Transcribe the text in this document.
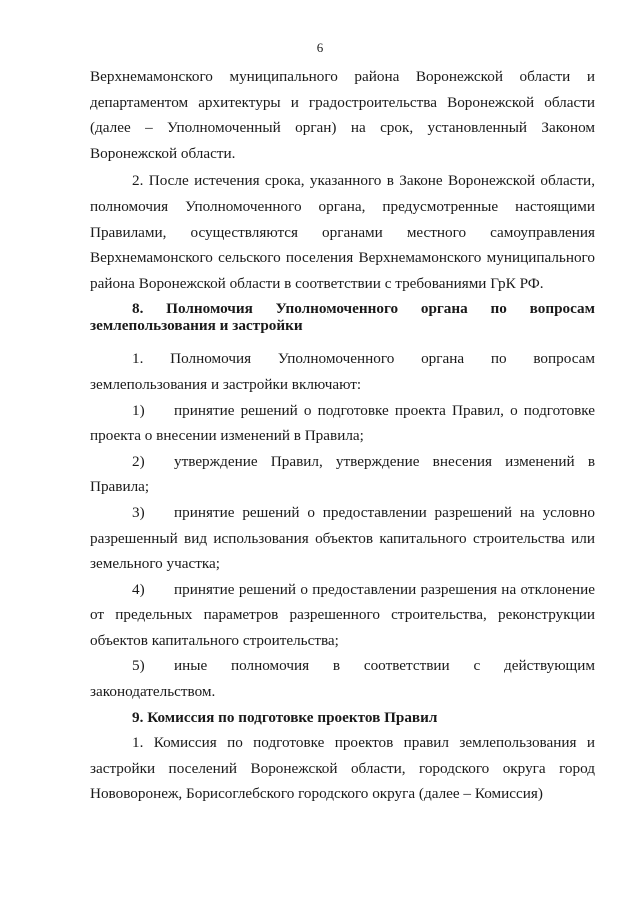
6

Верхнемамонского муниципального района Воронежской области и департаментом архитектуры и градостроительства Воронежской области (далее – Уполномоченный орган) на срок, установленный Законом Воронежской области.

2. После истечения срока, указанного в Законе Воронежской области, полномочия Уполномоченного органа, предусмотренные настоящими Правилами, осуществляются органами местного самоуправления Верхнемамонского сельского поселения Верхнемамонского муниципального района Воронежской области в соответствии с требованиями ГрК РФ.

8. Полномочия Уполномоченного органа по вопросам

землепользования и застройки

1. Полномочия Уполномоченного органа по вопросам землепользования и застройки включают:

1) принятие решений о подготовке проекта Правил, о подготовке проекта о внесении изменений в Правила;

2) утверждение Правил, утверждение внесения изменений в Правила;

3) принятие решений о предоставлении разрешений на условно разрешенный вид использования объектов капитального строительства или земельного участка;

4) принятие решений о предоставлении разрешения на отклонение от предельных параметров разрешенного строительства, реконструкции объектов капитального строительства;

5) иные полномочия в соответствии с действующим законодательством.

9. Комиссия по подготовке проектов Правил

1. Комиссия по подготовке проектов правил землепользования и застройки поселений Воронежской области, городского округа город Нововоронеж, Борисоглебского городского округа (далее – Комиссия)
